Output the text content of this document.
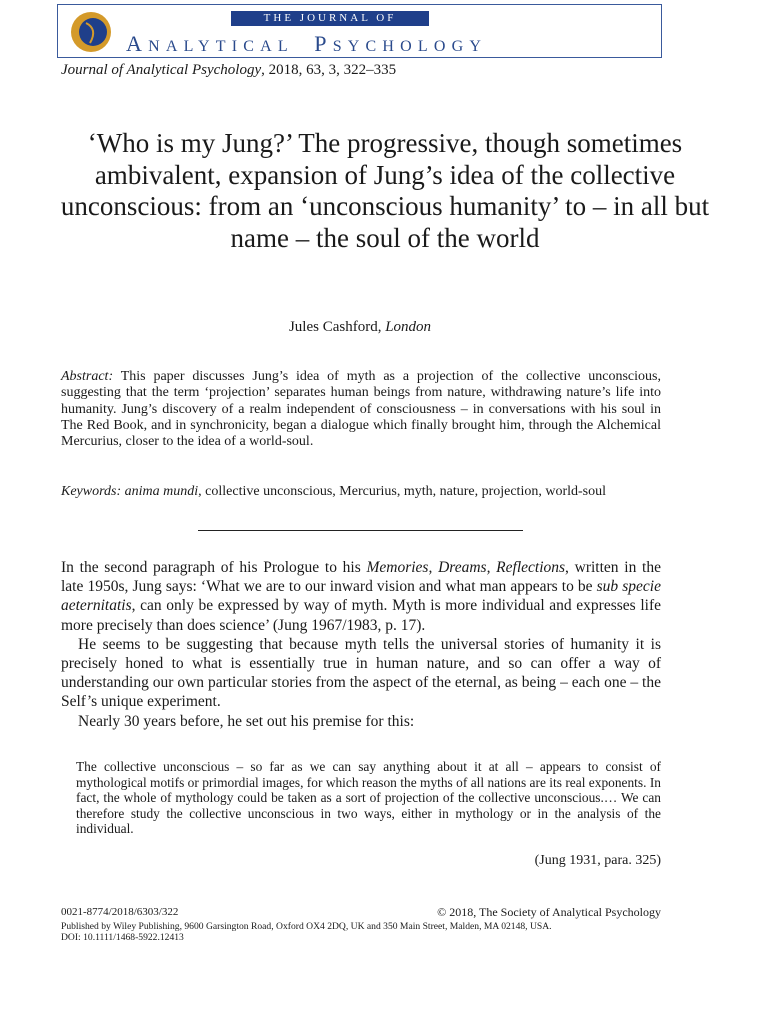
THE JOURNAL OF
ANALYTICAL PSYCHOLOGY
Journal of Analytical Psychology, 2018, 63, 3, 322–335
‘Who is my Jung?’ The progressive, though sometimes ambivalent, expansion of Jung’s idea of the collective unconscious: from an ‘unconscious humanity’ to – in all but name – the soul of the world
Jules Cashford, London
Abstract: This paper discusses Jung’s idea of myth as a projection of the collective unconscious, suggesting that the term ‘projection’ separates human beings from nature, withdrawing nature’s life into humanity. Jung’s discovery of a realm independent of consciousness – in conversations with his soul in The Red Book, and in synchronicity, began a dialogue which finally brought him, through the Alchemical Mercurius, closer to the idea of a world-soul.
Keywords: anima mundi, collective unconscious, Mercurius, myth, nature, projection, world-soul

In the second paragraph of his Prologue to his Memories, Dreams, Reflections, written in the late 1950s, Jung says: ‘What we are to our inward vision and what man appears to be sub specie aeternitatis, can only be expressed by way of myth. Myth is more individual and expresses life more precisely than does science’ (Jung 1967/1983, p. 17).

He seems to be suggesting that because myth tells the universal stories of humanity it is precisely honed to what is essentially true in human nature, and so can offer a way of understanding our own particular stories from the aspect of the eternal, as being – each one – the Self’s unique experiment.

Nearly 30 years before, he set out his premise for this:

The collective unconscious – so far as we can say anything about it at all – appears to consist of mythological motifs or primordial images, for which reason the myths of all nations are its real exponents. In fact, the whole of mythology could be taken as a sort of projection of the collective unconscious.… We can therefore study the collective unconscious in two ways, either in mythology or in the analysis of the individual.
(Jung 1931, para. 325)
0021-8774/2018/6303/322	© 2018, The Society of Analytical Psychology
Published by Wiley Publishing, 9600 Garsington Road, Oxford OX4 2DQ, UK and 350 Main Street, Malden, MA 02148, USA.
DOI: 10.1111/1468-5922.12413
